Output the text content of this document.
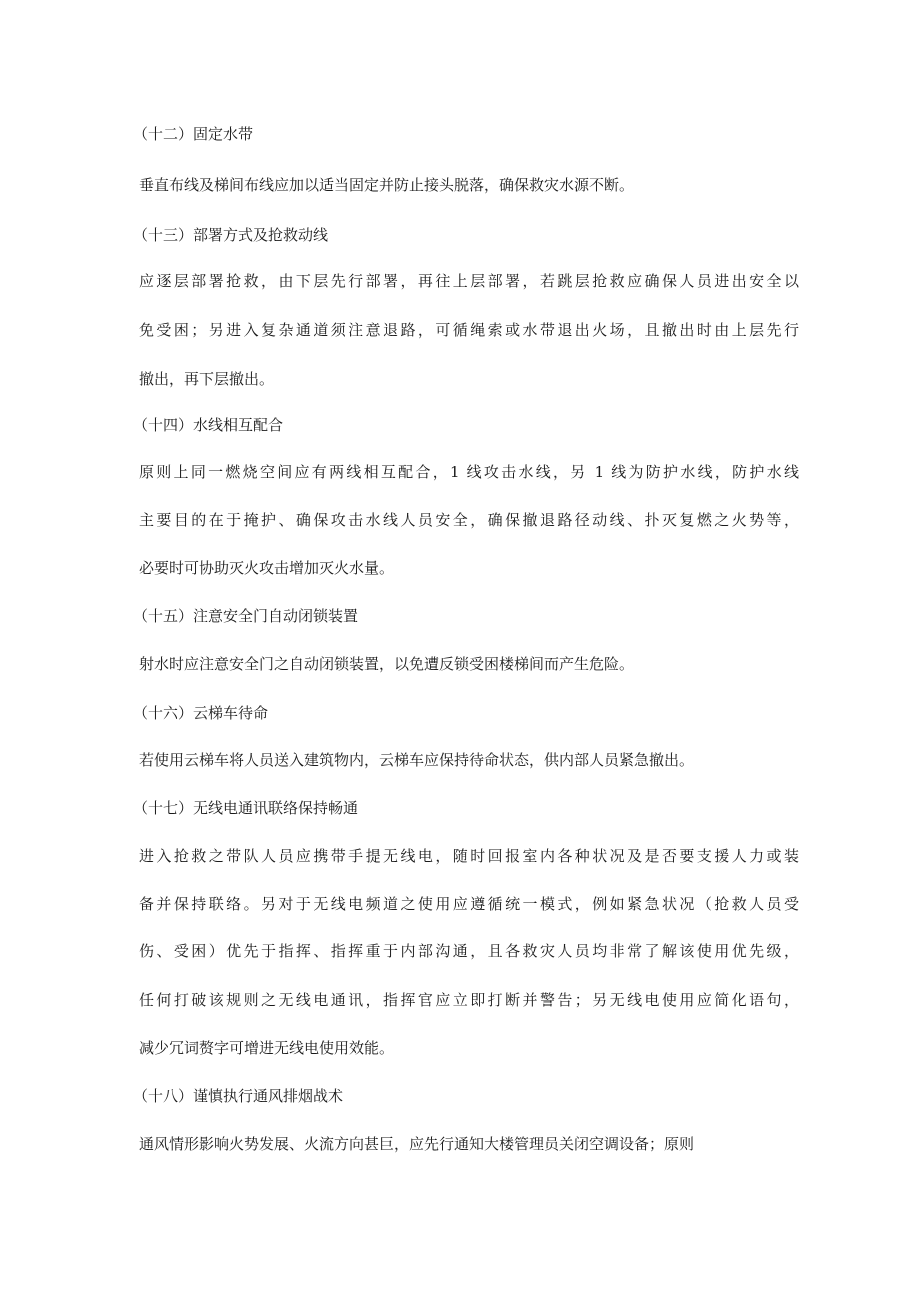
（十二）固定水带
垂直布线及梯间布线应加以适当固定并防止接头脱落，确保救灾水源不断。
（十三）部署方式及抢救动线
应逐层部署抢救，由下层先行部署，再往上层部署，若跳层抢救应确保人员进出安全以
免受困；另进入复杂通道须注意退路，可循绳索或水带退出火场，且撤出时由上层先行
撤出，再下层撤出。
（十四）水线相互配合
原则上同一燃烧空间应有两线相互配合，1 线攻击水线，另 1 线为防护水线，防护水线
主要目的在于掩护、确保攻击水线人员安全，确保撤退路径动线、扑灭复燃之火势等，
必要时可协助灭火攻击增加灭火水量。
（十五）注意安全门自动闭锁装置
射水时应注意安全门之自动闭锁装置，以免遭反锁受困楼梯间而产生危险。
（十六）云梯车待命
若使用云梯车将人员送入建筑物内，云梯车应保持待命状态，供内部人员紧急撤出。
（十七）无线电通讯联络保持畅通
进入抢救之带队人员应携带手提无线电，随时回报室内各种状况及是否要支援人力或装
备并保持联络。另对于无线电频道之使用应遵循统一模式，例如紧急状况（抢救人员受
伤、受困）优先于指挥、指挥重于内部沟通，且各救灾人员均非常了解该使用优先级，
任何打破该规则之无线电通讯，指挥官应立即打断并警告；另无线电使用应简化语句，
减少冗词赘字可增进无线电使用效能。
（十八）谨慎执行通风排烟战术
通风情形影响火势发展、火流方向甚巨，应先行通知大楼管理员关闭空调设备；原则
